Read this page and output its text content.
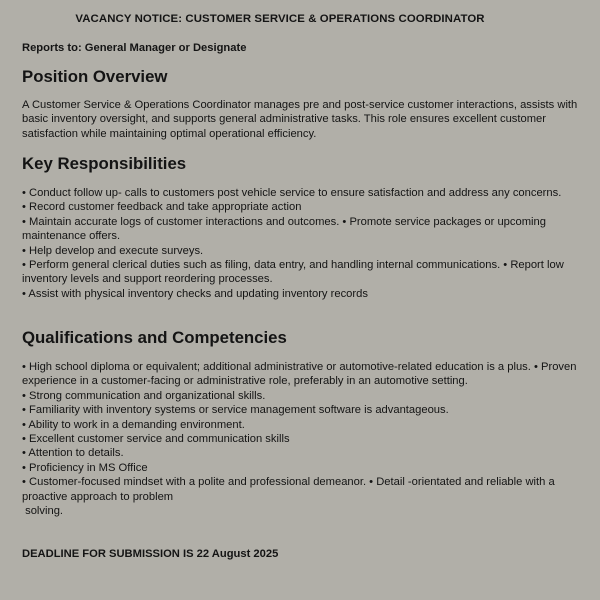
VACANCY NOTICE: CUSTOMER SERVICE & OPERATIONS COORDINATOR
Reports to: General Manager or Designate
Position Overview

A Customer Service & Operations Coordinator manages pre and post-service customer interactions, assists with basic inventory oversight, and supports general administrative tasks. This role ensures excellent customer satisfaction while maintaining optimal operational efficiency.

Key Responsibilities
• Conduct follow up- calls to customers post vehicle service to ensure satisfaction and address any concerns.
• Record customer feedback and take appropriate action
• Maintain accurate logs of customer interactions and outcomes. • Promote service packages or upcoming maintenance offers.
• Help develop and execute surveys.
• Perform general clerical duties such as filing, data entry, and handling internal communications. • Report low inventory levels and support reordering processes.
• Assist with physical inventory checks and updating inventory records
Qualifications and Competencies
• High school diploma or equivalent; additional administrative or automotive-related education is a plus. • Proven experience in a customer-facing or administrative role, preferably in an automotive setting.
• Strong communication and organizational skills.
• Familiarity with inventory systems or service management software is advantageous.
• Ability to work in a demanding environment.
• Excellent customer service and communication skills
• Attention to details.
• Proficiency in MS Office
• Customer-focused mindset with a polite and professional demeanor. • Detail -orientated and reliable with a proactive approach to problem
solving.
DEADLINE FOR SUBMISSION IS 22 August 2025
